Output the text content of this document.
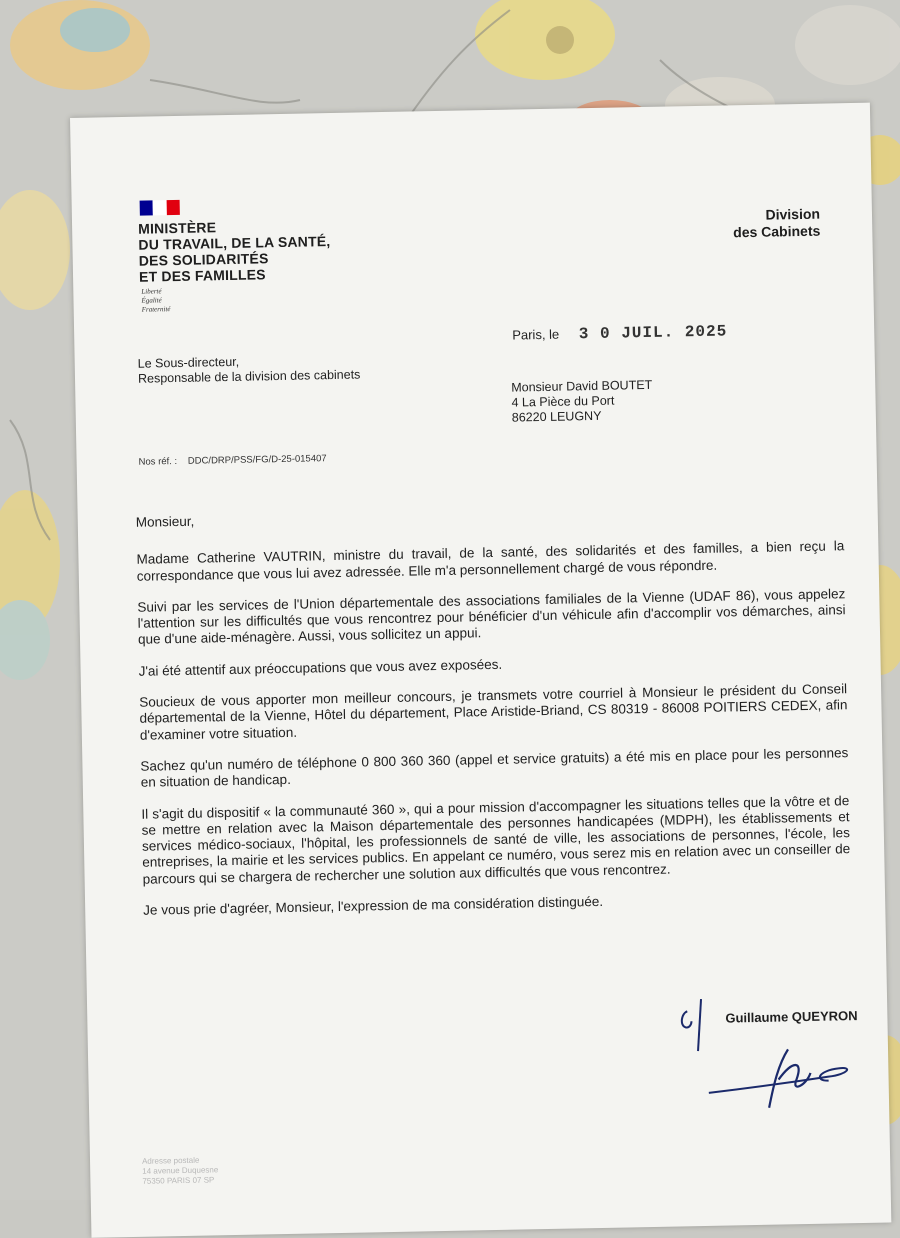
MINISTÈRE
DU TRAVAIL, DE LA SANTÉ,
DES SOLIDARITÉS
ET DES FAMILLES
Liberté
Égalité
Fraternité
Division
des Cabinets
Paris, le 3 0 JUIL. 2025
Le Sous-directeur,
Responsable de la division des cabinets
Monsieur David BOUTET
4 La Pièce du Port
86220 LEUGNY
Nos réf. : DDC/DRP/PSS/FG/D-25-015407

Monsieur,

Madame Catherine VAUTRIN, ministre du travail, de la santé, des solidarités et des familles, a bien reçu la correspondance que vous lui avez adressée. Elle m'a personnellement chargé de vous répondre.

Suivi par les services de l'Union départementale des associations familiales de la Vienne (UDAF 86), vous appelez l'attention sur les difficultés que vous rencontrez pour bénéficier d'un véhicule afin d'accomplir vos démarches, ainsi que d'une aide-ménagère. Aussi, vous sollicitez un appui.

J'ai été attentif aux préoccupations que vous avez exposées.

Soucieux de vous apporter mon meilleur concours, je transmets votre courriel à Monsieur le président du Conseil départemental de la Vienne, Hôtel du département, Place Aristide-Briand, CS 80319 - 86008 POITIERS CEDEX, afin d'examiner votre situation.

Sachez qu'un numéro de téléphone 0 800 360 360 (appel et service gratuits) a été mis en place pour les personnes en situation de handicap.

Il s'agit du dispositif « la communauté 360 », qui a pour mission d'accompagner les situations telles que la vôtre et de se mettre en relation avec la Maison départementale des personnes handicapées (MDPH), les établissements et services médico-sociaux, l'hôpital, les professionnels de santé de ville, les associations de personnes, l'école, les entreprises, la mairie et les services publics. En appelant ce numéro, vous serez mis en relation avec un conseiller de parcours qui se chargera de rechercher une solution aux difficultés que vous rencontrez.

Je vous prie d'agréer, Monsieur, l'expression de ma considération distinguée.

Guillaume QUEYRON
Adresse postale
14 avenue Duquesne
75350 PARIS 07 SP
